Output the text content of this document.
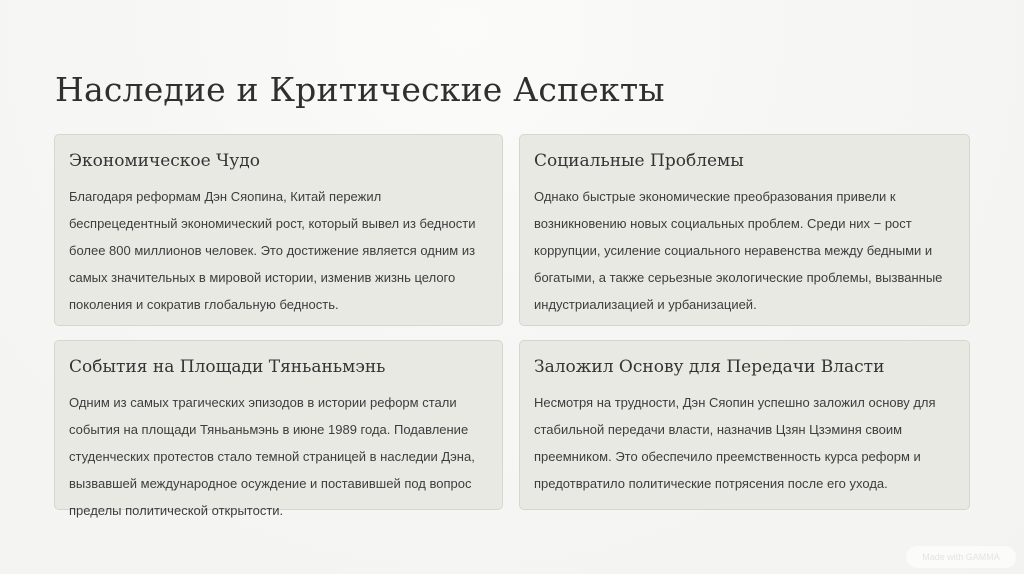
Наследие и Критические Аспекты
Экономическое Чудо

Благодаря реформам Дэн Сяопина, Китай пережил беспрецедентный экономический рост, который вывел из бедности более 800 миллионов человек. Это достижение является одним из самых значительных в мировой истории, изменив жизнь целого поколения и сократив глобальную бедность.

Социальные Проблемы

Однако быстрые экономические преобразования привели к возникновению новых социальных проблем. Среди них − рост коррупции, усиление социального неравенства между бедными и богатыми, а также серьезные экологические проблемы, вызванные индустриализацией и урбанизацией.

События на Площади Тяньаньмэнь

Одним из самых трагических эпизодов в истории реформ стали события на площади Тяньаньмэнь в июне 1989 года. Подавление студенческих протестов стало темной страницей в наследии Дэна, вызвавшей международное осуждение и поставившей под вопрос пределы политической открытости.

Заложил Основу для Передачи Власти

Несмотря на трудности, Дэн Сяопин успешно заложил основу для стабильной передачи власти, назначив Цзян Цзэминя своим преемником. Это обеспечило преемственность курса реформ и предотвратило политические потрясения после его ухода.

Made with GAMMA
